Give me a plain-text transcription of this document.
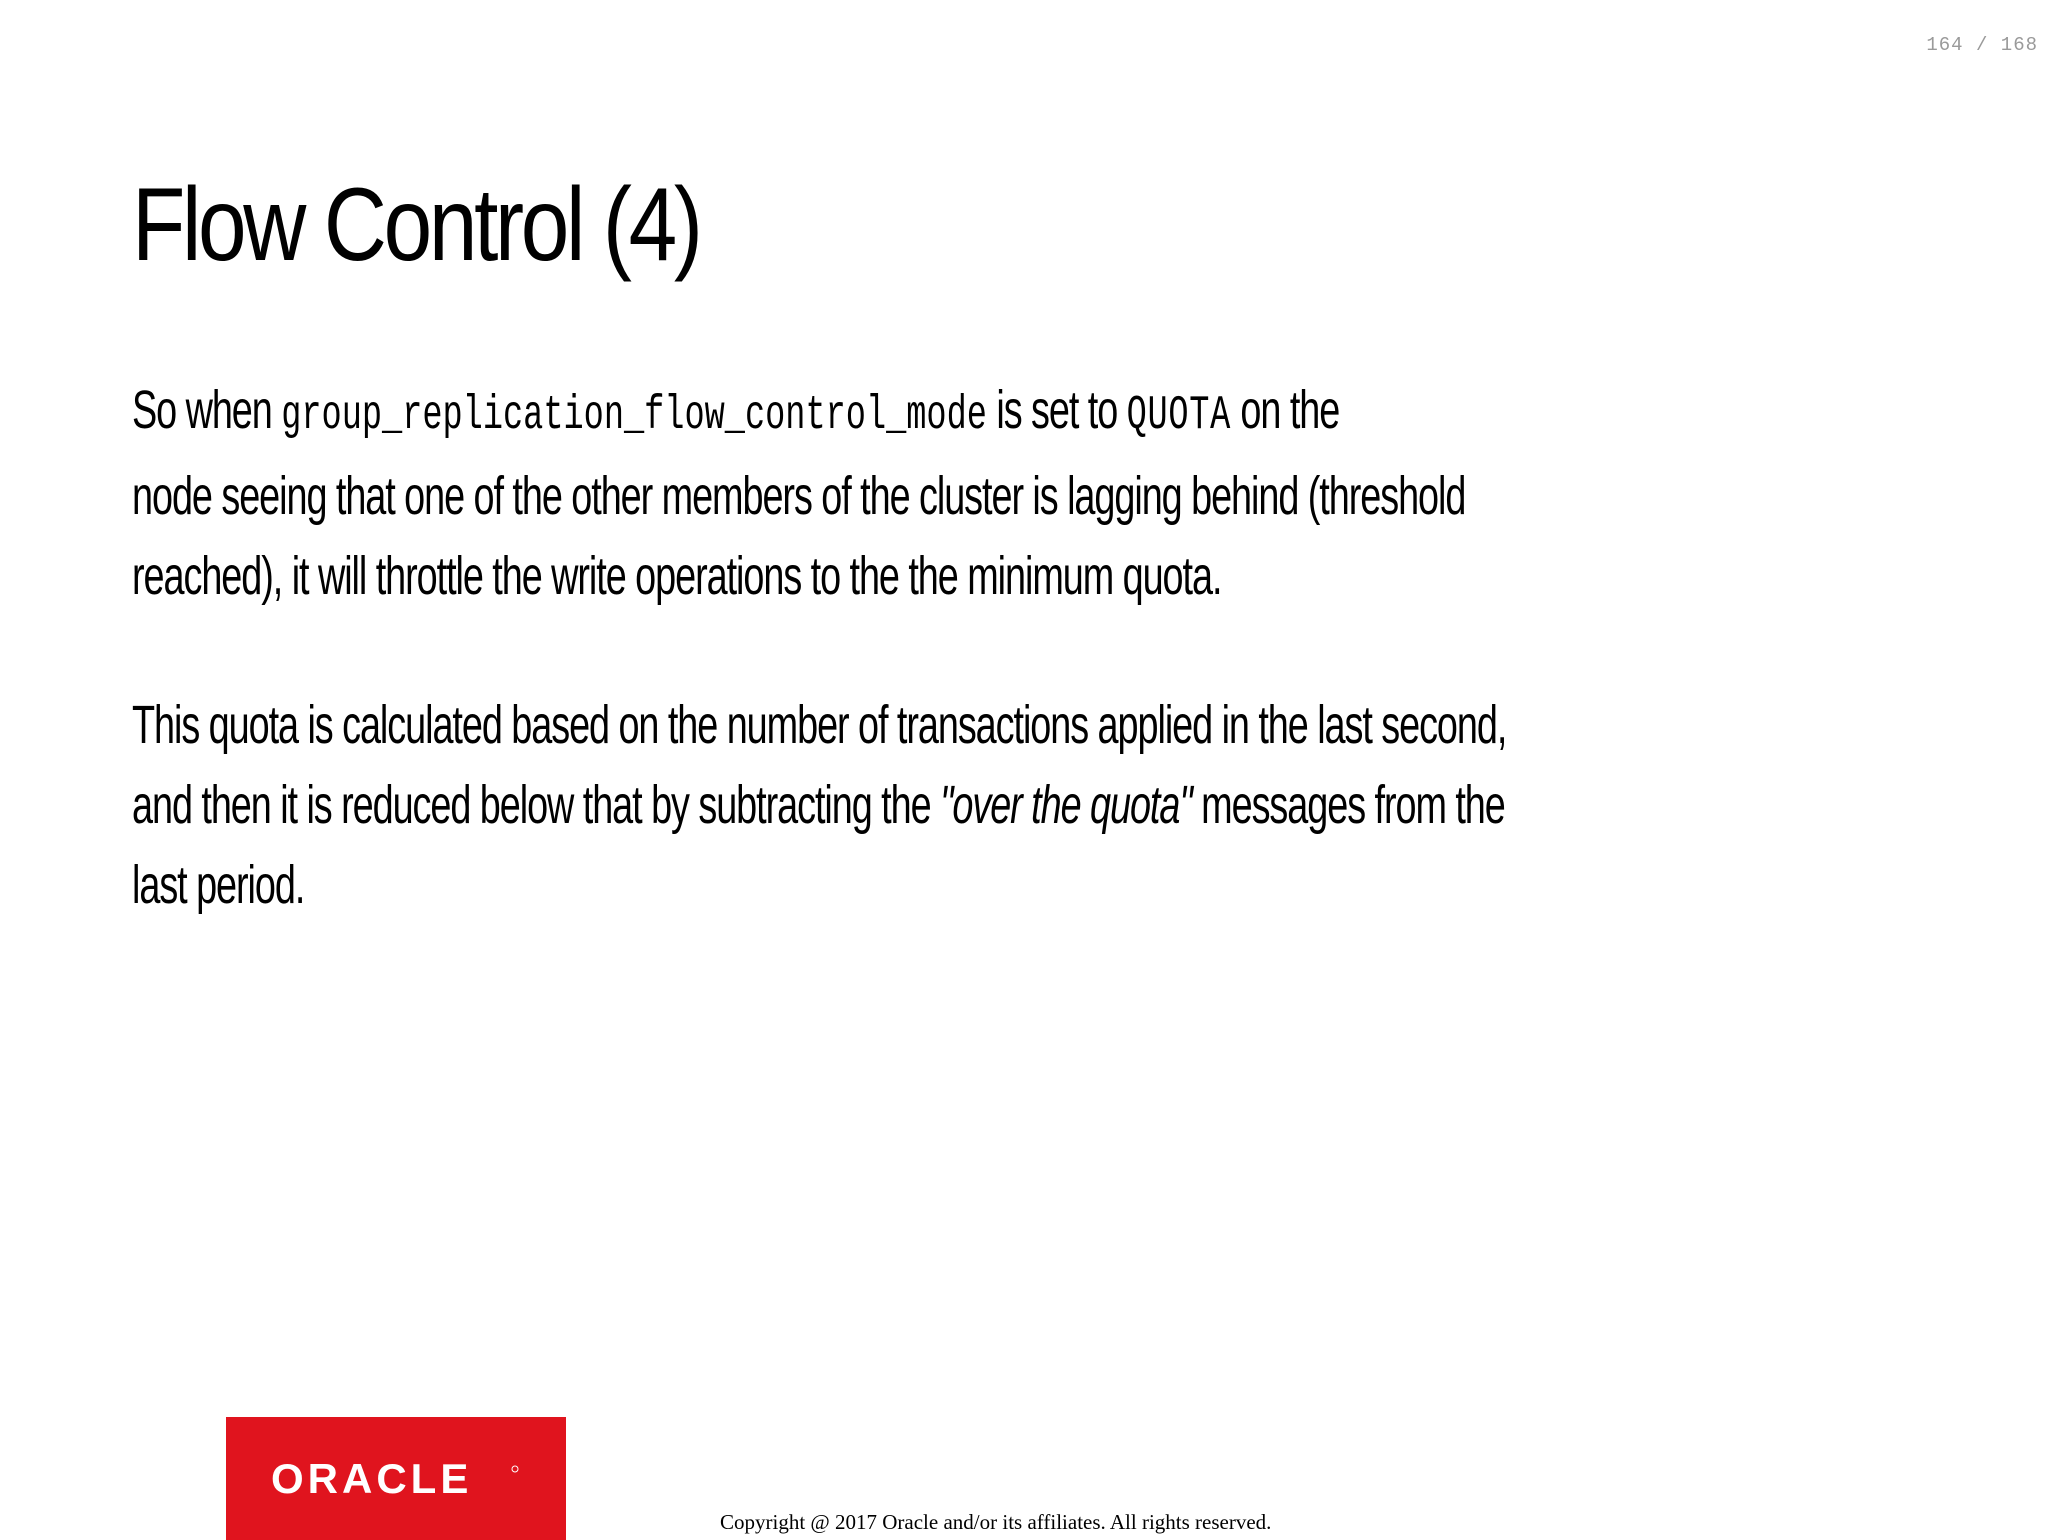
164 / 168
Flow Control (4)

So when group_replication_flow_control_mode is set to QUOTA on the
node seeing that one of the other members of the cluster is lagging behind (threshold
reached), it will throttle the write operations to the the minimum quota.

This quota is calculated based on the number of transactions applied in the last second,
and then it is reduced below that by subtracting the "over the quota" messages from the
last period.

ORACLE
Copyright @ 2017 Oracle and/or its affiliates. All rights reserved.
